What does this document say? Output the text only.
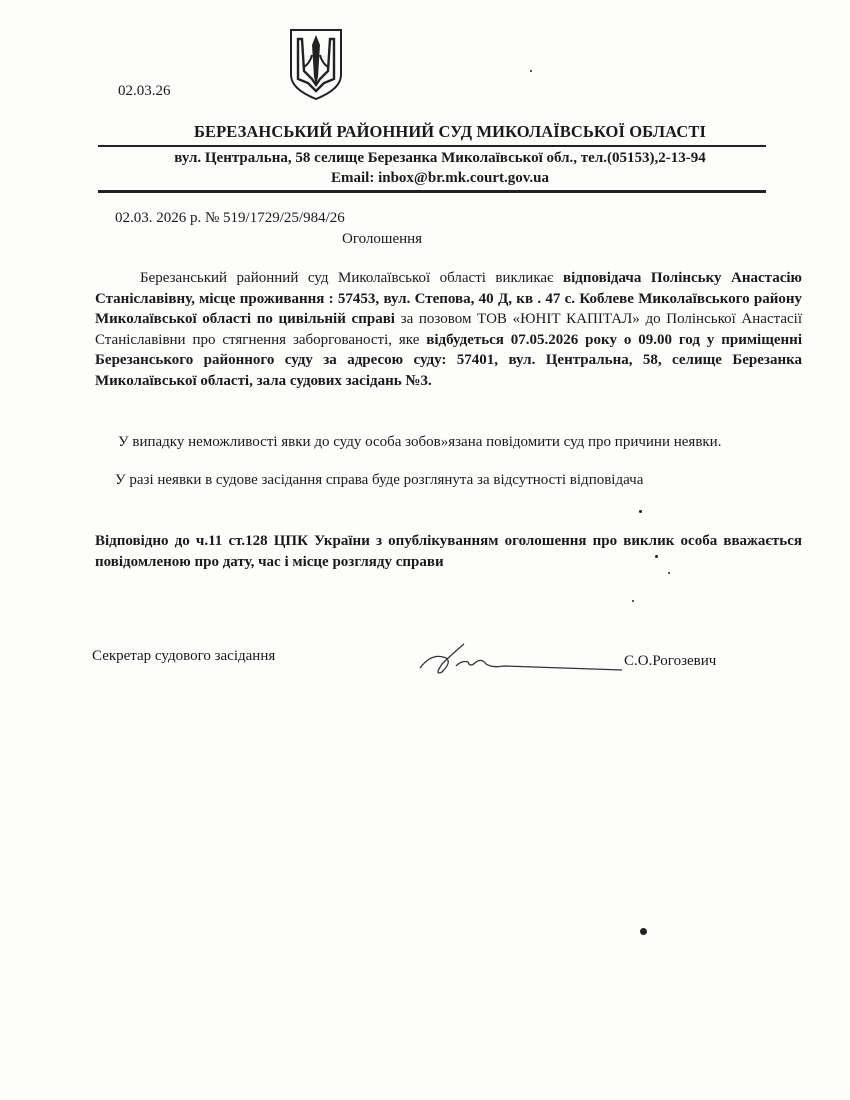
02.03.26
БЕРЕЗАНСЬКИЙ РАЙОННИЙ СУД МИКОЛАЇВСЬКОЇ ОБЛАСТІ
вул. Центральна, 58 селище Березанка Миколаївської обл., тел.(05153),2-13-94
Email: inbox@br.mk.court.gov.ua
02.03. 2026 р. № 519/1729/25/984/26
Оголошення
Березанський районний суд Миколаївської області викликає відповідача Полінську Анастасію Станіславівну, місце проживання : 57453, вул. Степова, 40 Д, кв . 47 с. Коблеве Миколаївського району Миколаївської області по цивільній справі за позовом ТОВ «ЮНІТ КАПІТАЛ» до Полінської Анастасії Станіславівни про стягнення заборгованості, яке відбудеться 07.05.2026 року о 09.00 год у приміщенні Березанського районного суду за адресою суду: 57401, вул. Центральна, 58, селище Березанка Миколаївської області, зала судових засідань №3.
У випадку неможливості явки до суду особа зобов»язана повідомити суд про причини неявки.
У разі неявки в судове засідання справа буде розглянута за відсутності відповідача
Відповідно до ч.11 ст.128 ЦПК України з опублікуванням оголошення про виклик особа вважається повідомленою про дату, час і місце розгляду справи
Секретар судового засідання	С.О.Рогозевич
